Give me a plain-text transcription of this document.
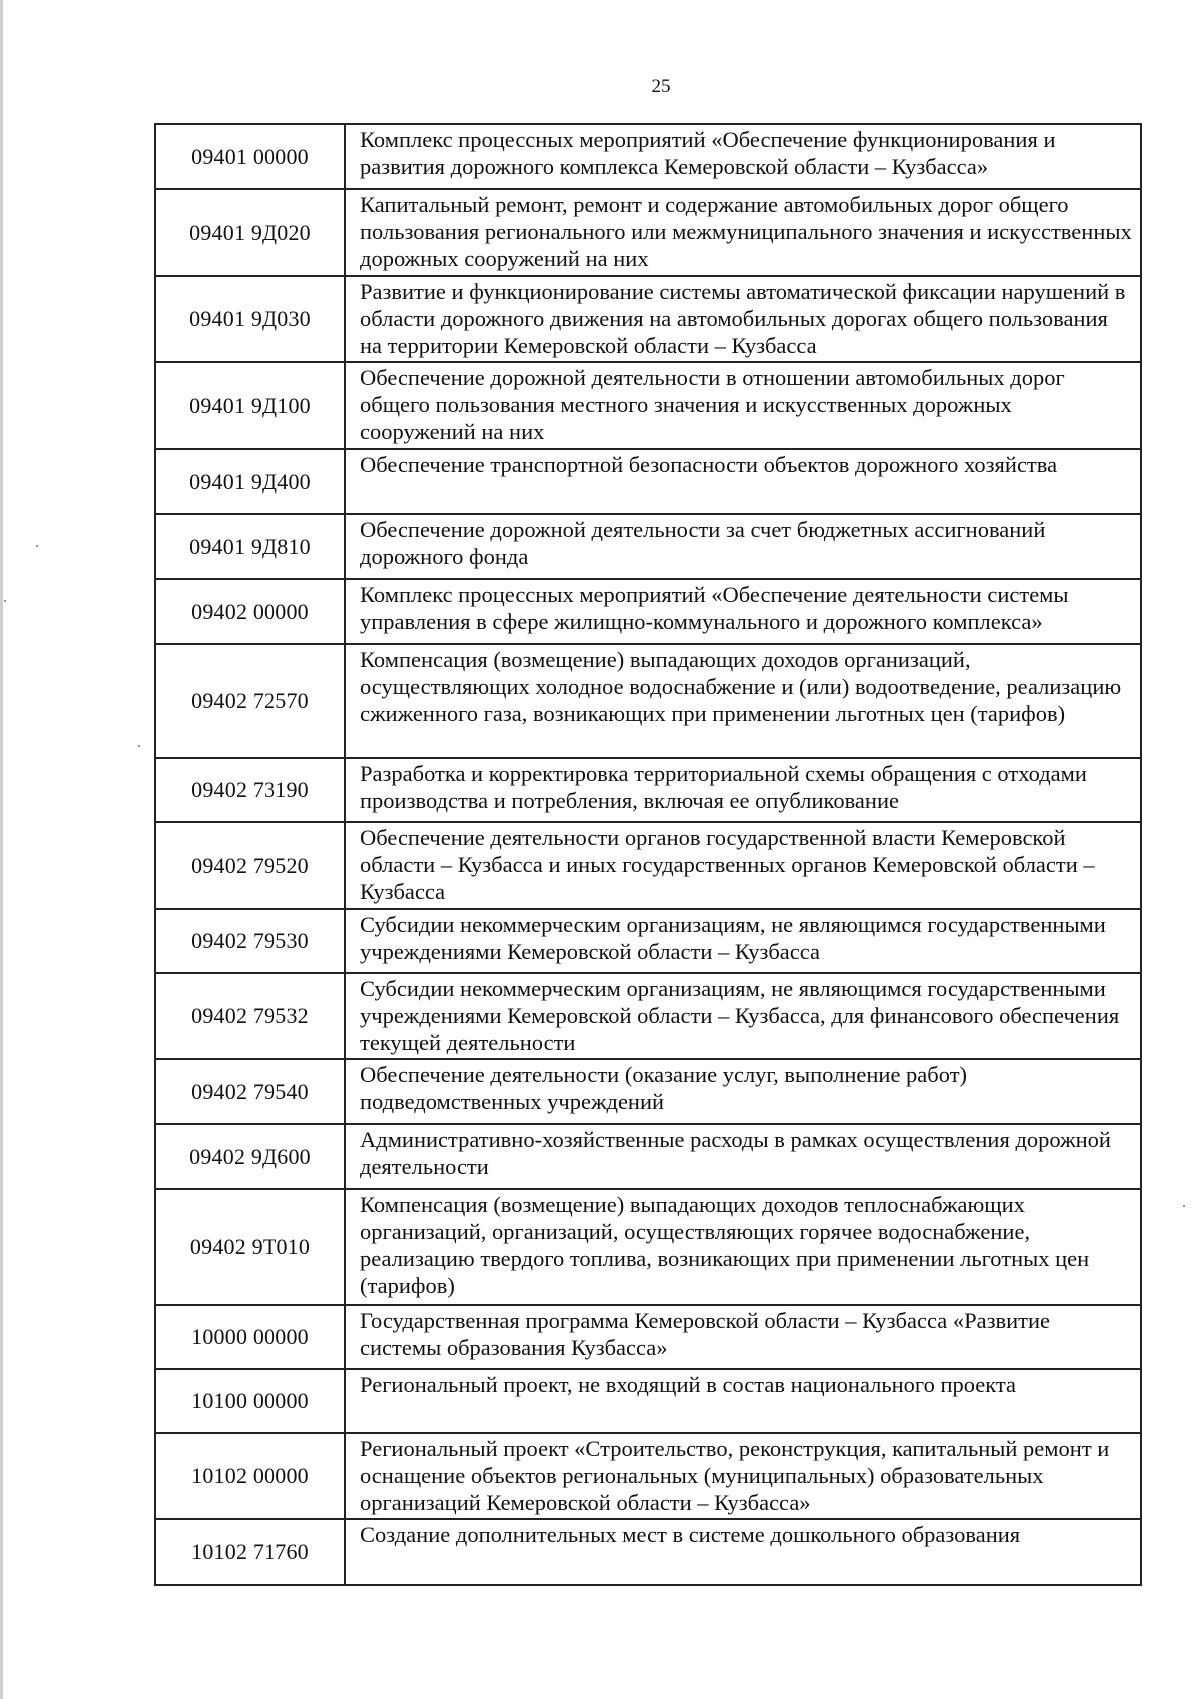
25
09401 00000
Комплекс процессных мероприятий «Обеспечение функционирования и развития дорожного комплекса Кемеровской области – Кузбасса»
09401 9Д020
Капитальный ремонт, ремонт и содержание автомобильных дорог общего пользования регионального или межмуниципального значения и искусственных дорожных сооружений на них
09401 9Д030
Развитие и функционирование системы автоматической фиксации нарушений в области дорожного движения на автомобильных дорогах общего пользования на территории Кемеровской области – Кузбасса
09401 9Д100
Обеспечение дорожной деятельности в отношении автомобильных дорог общего пользования местного значения и искусственных дорожных сооружений на них
09401 9Д400
Обеспечение транспортной безопасности объектов дорожного хозяйства
09401 9Д810
Обеспечение дорожной деятельности за счет бюджетных ассигнований дорожного фонда
09402 00000
Комплекс процессных мероприятий «Обеспечение деятельности системы управления в сфере жилищно-коммунального и дорожного комплекса»
09402 72570
Компенсация (возмещение) выпадающих доходов организаций, осуществляющих холодное водоснабжение и (или) водоотведение, реализацию сжиженного газа, возникающих при применении льготных цен (тарифов)
09402 73190
Разработка и корректировка территориальной схемы обращения с отходами производства и потребления, включая ее опубликование
09402 79520
Обеспечение деятельности органов государственной власти Кемеровской области – Кузбасса и иных государственных органов Кемеровской области – Кузбасса
09402 79530
Субсидии некоммерческим организациям, не являющимся государственными учреждениями Кемеровской области – Кузбасса
09402 79532
Субсидии некоммерческим организациям, не являющимся государственными учреждениями Кемеровской области – Кузбасса, для финансового обеспечения текущей деятельности
09402 79540
Обеспечение деятельности (оказание услуг, выполнение работ) подведомственных учреждений
09402 9Д600
Административно-хозяйственные расходы в рамках осуществления дорожной деятельности
09402 9Т010
Компенсация (возмещение) выпадающих доходов теплоснабжающих организаций, организаций, осуществляющих горячее водоснабжение, реализацию твердого топлива, возникающих при применении льготных цен (тарифов)
10000 00000
Государственная программа Кемеровской области – Кузбасса «Развитие системы образования Кузбасса»
10100 00000
Региональный проект, не входящий в состав национального проекта
10102 00000
Региональный проект «Строительство, реконструкция, капитальный ремонт и оснащение объектов региональных (муниципальных) образовательных организаций Кемеровской области – Кузбасса»
10102 71760
Создание дополнительных мест в системе дошкольного образования
